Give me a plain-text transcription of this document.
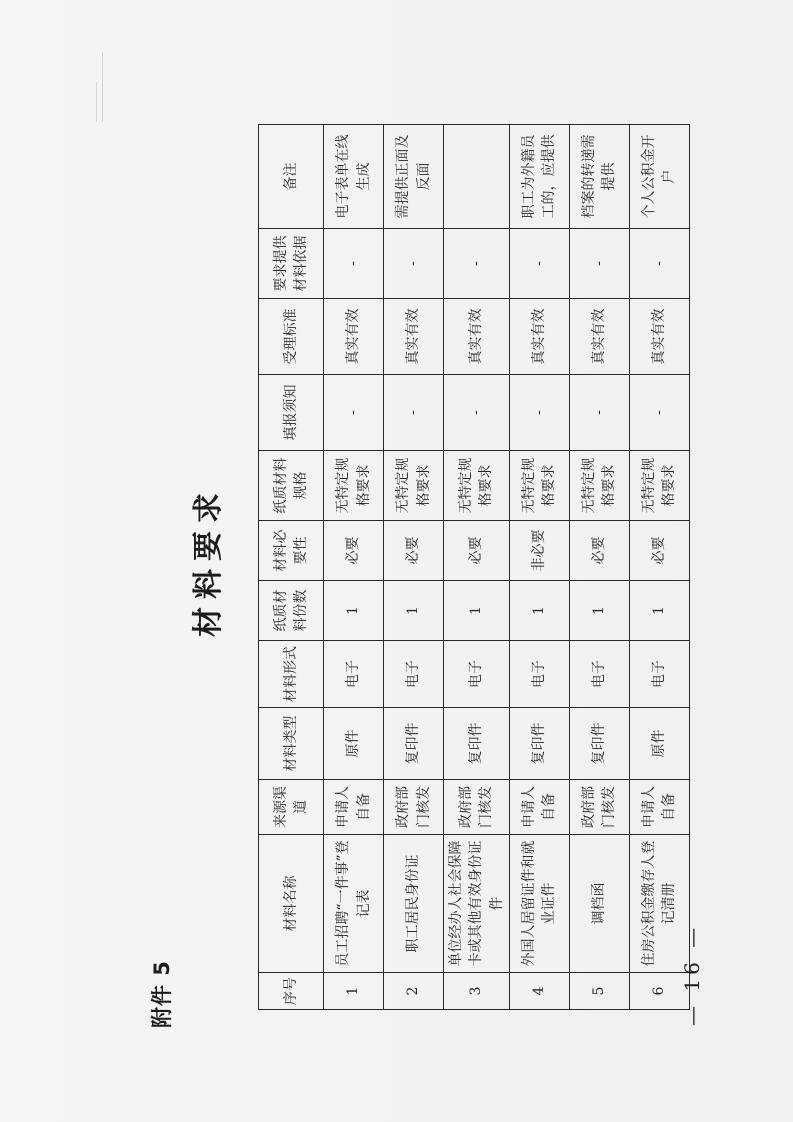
附件 5
材料要求
序号	材料名称	来源渠道	材料类型	材料形式	纸质材料份数	材料必要性	纸质材料规格	填报须知	受理标准	要求提供材料依据	备注
1	员工招聘“一件事”登记表	申请人自备	原件	电子	1	必要	无特定规格要求	-	真实有效	-	电子表单在线生成
2	职工居民身份证	政府部门核发	复印件	电子	1	必要	无特定规格要求	-	真实有效	-	需提供正面及反面
3	单位经办人社会保障卡或其他有效身份证件	政府部门核发	复印件	电子	1	必要	无特定规格要求	-	真实有效	-	
4	外国人居留证件和就业证件	申请人自备	复印件	电子	1	非必要	无特定规格要求	-	真实有效	-	职工为外籍员工的，应提供
5	调档函	政府部门核发	复印件	电子	1	必要	无特定规格要求	-	真实有效	-	档案的转递需提供
6	住房公积金缴存人登记清册	申请人自备	原件	电子	1	必要	无特定规格要求	-	真实有效	-	个人公积金开户
— 16 —
